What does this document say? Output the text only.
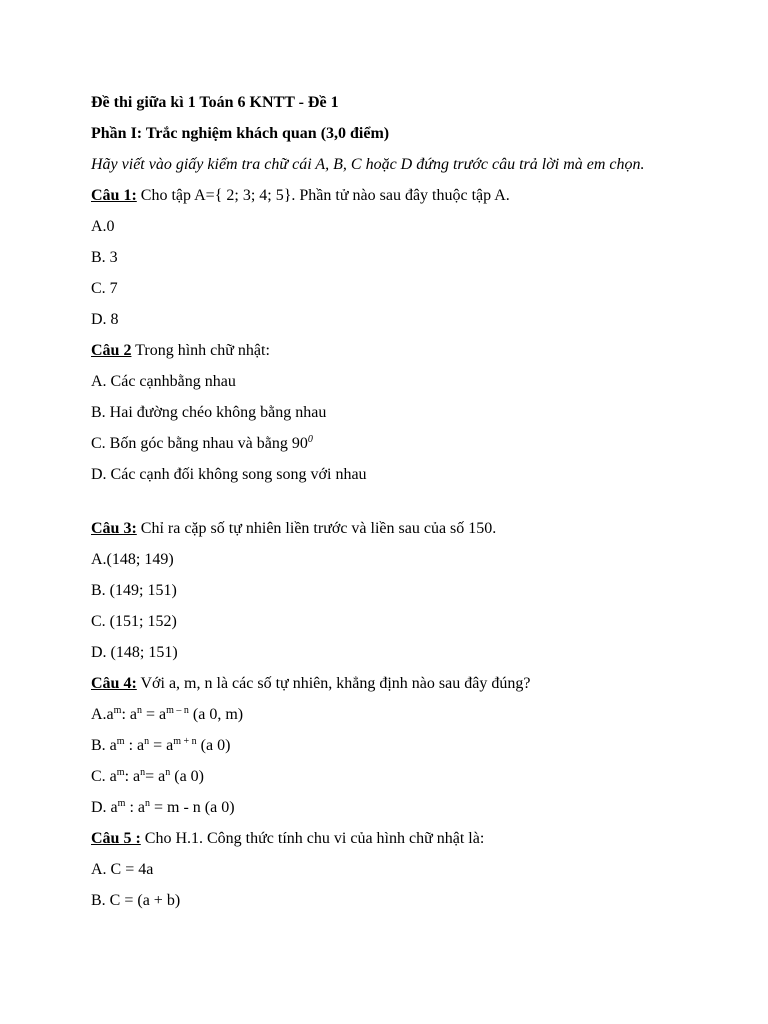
Đề thi giữa kì 1 Toán 6 KNTT - Đề 1
Phần I: Trắc nghiệm khách quan (3,0 điểm)
Hãy viết vào giấy kiểm tra chữ cái A, B, C hoặc D đứng trước câu trả lời mà em chọn.
Câu 1: Cho tập A={ 2; 3; 4; 5}. Phần tử nào sau đây thuộc tập A.
A.0
B. 3
C. 7
D. 8
Câu 2 Trong hình chữ nhật:
A. Các cạnhbằng nhau
B. Hai đường chéo không bằng nhau
C. Bốn góc bằng nhau và bằng $90^0$
D. Các cạnh đối không song song với nhau
Câu 3: Chỉ ra cặp số tự nhiên liền trước và liền sau của số 150.
A.(148; 149)
B. (149; 151)
C. (151; 152)
D. (148; 151)
Câu 4: Với a, m, n là các số tự nhiên, khẳng định nào sau đây đúng?
$A.a^m$: $a^n = a^{m - n}$ (a 0, m)
B. $a^m$ : $a^n = a^{m + n}$ (a 0)
C. $a^m$: $a^n= a^n$ (a 0)
D. $a^m$ : $a^n = m - n$ (a 0)
Câu 5 : Cho H.1. Công thức tính chu vi của hình chữ nhật là:
A. C = 4a
B. C = (a + b)
